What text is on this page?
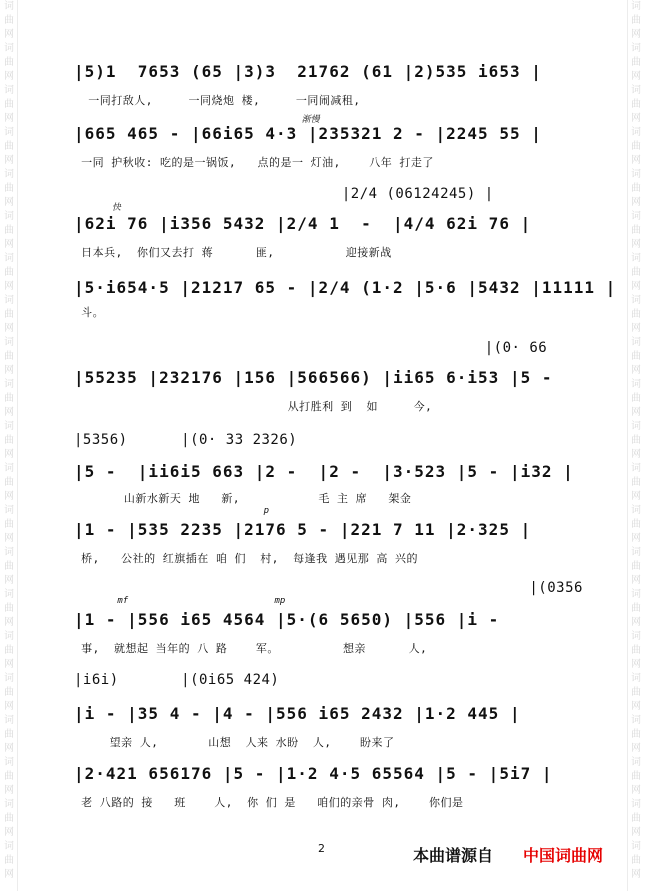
词曲网词曲网词曲网词曲网词曲网词曲网词曲网词曲网词曲网词曲网词曲网词曲网词曲网词曲网词曲网词曲网词曲网词曲网词曲网词曲网词曲网
词曲网词曲网词曲网词曲网词曲网词曲网词曲网词曲网词曲网词曲网词曲网词曲网词曲网词曲网词曲网词曲网词曲网词曲网词曲网词曲网词曲网
|5)1  7653 (65 |3)3  21762 (61 |2)535 i653 |
一同打敌人,     一同烧炮 楼,     一同闹减租,
渐慢
|665 465 - |66i65 4·3 |235321 2 - |2245 55 |
一同 护秋收: 吃的是一锅饭,   点的是一 灯油,    八年 打走了
|2/4 (06124245) |
快
|62i 76 |i356 5432 |2/4 1  -  |4/4 62i 76 |
日本兵,  你们又去打 蒋      匪,          迎接新战
|5·i654·5 |21217 65 - |2/4 (1·2 |5·6 |5432 |11111 |
斗。
|(0· 66
|55235 |232176 |156 |566566) |ii65 6·i53 |5 -
从打胜利 到  如     今,
|5356)      |(0· 33 2326)
|5 -  |ii6i5 663 |2 -  |2 -  |3·523 |5 - |i32 |
山新水新天 地   新,           毛 主 席   架金
p
|1 - |535 2235 |2176 5 - |221 7 11 |2·325 |
桥,   公社的 红旗插在 咱 们  村,  每逢我 遇见那 高 兴的
|(0356
mf                           mp
|1 - |556 i65 4564 |5·(6 5650) |556 |i -
事,  就想起 当年的 八 路    军。         想亲      人,
|i6i)       |(0i65 424)
|i - |35 4 - |4 - |556 i65 2432 |1·2 445 |
望亲 人,       山想  人来 水盼  人,    盼来了
|2·421 656176 |5 - |1·2 4·5 65564 |5 - |5i7 |
老 八路的 接   班    人,  你 们 是   咱们的亲骨 肉,    你们是
2	本曲谱源自 中国词曲网
